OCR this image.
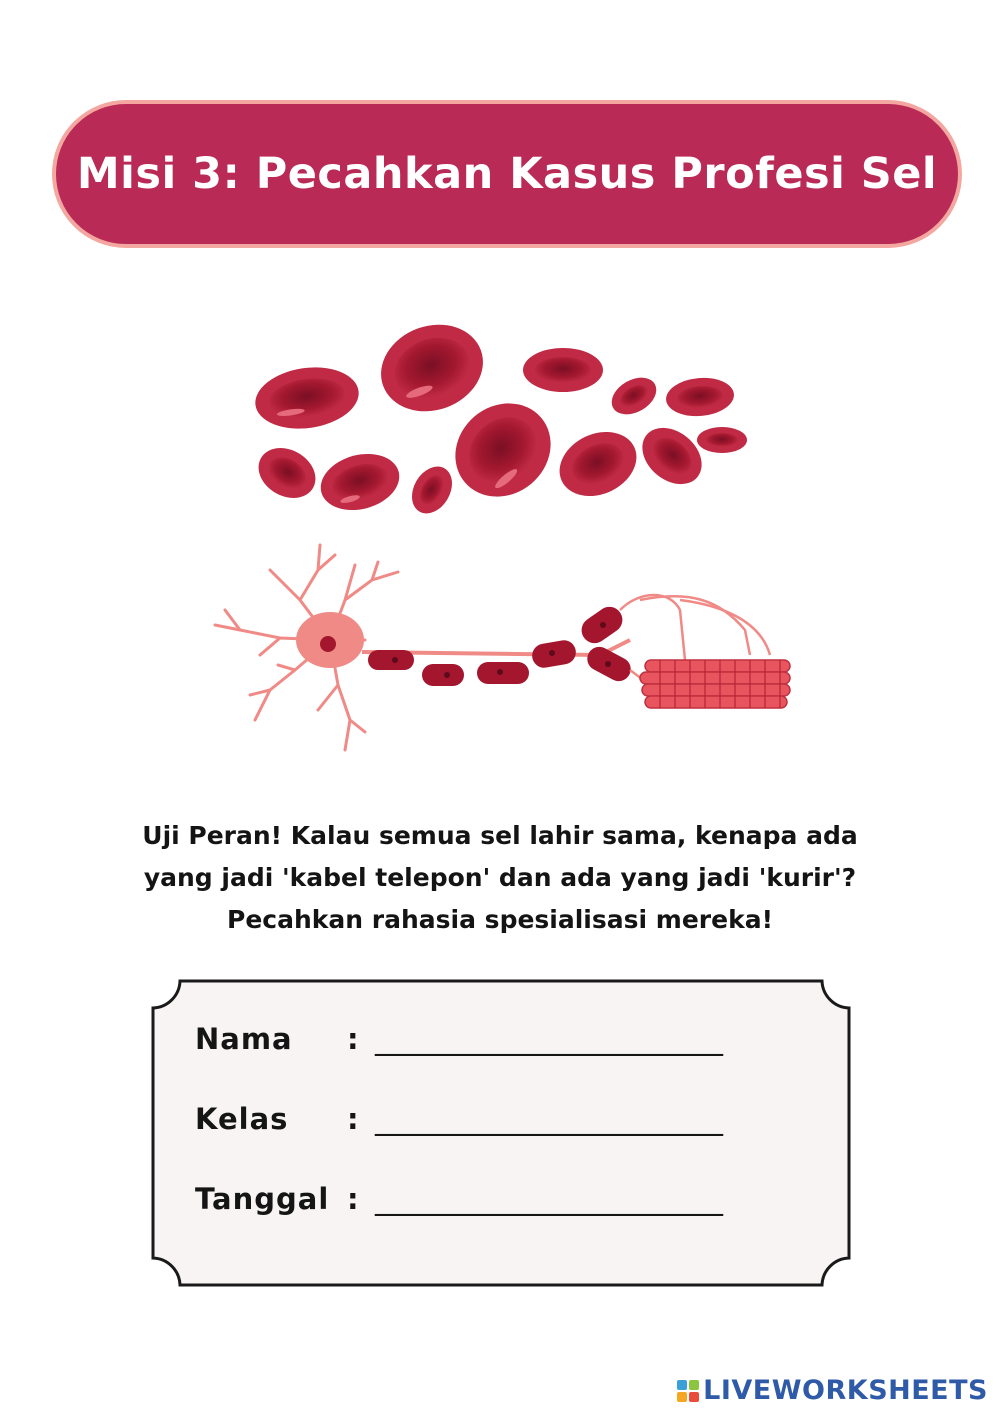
Misi 3: Pecahkan Kasus Profesi Sel

Uji Peran! Kalau semua sel lahir sama, kenapa ada

yang jadi 'kabel telepon' dan ada yang jadi 'kurir'?

Pecahkan rahasia spesialisasi mereka!

Nama : ________________________
Kelas : ________________________
Tanggal : ________________________
LIVEWORKSHEETS
